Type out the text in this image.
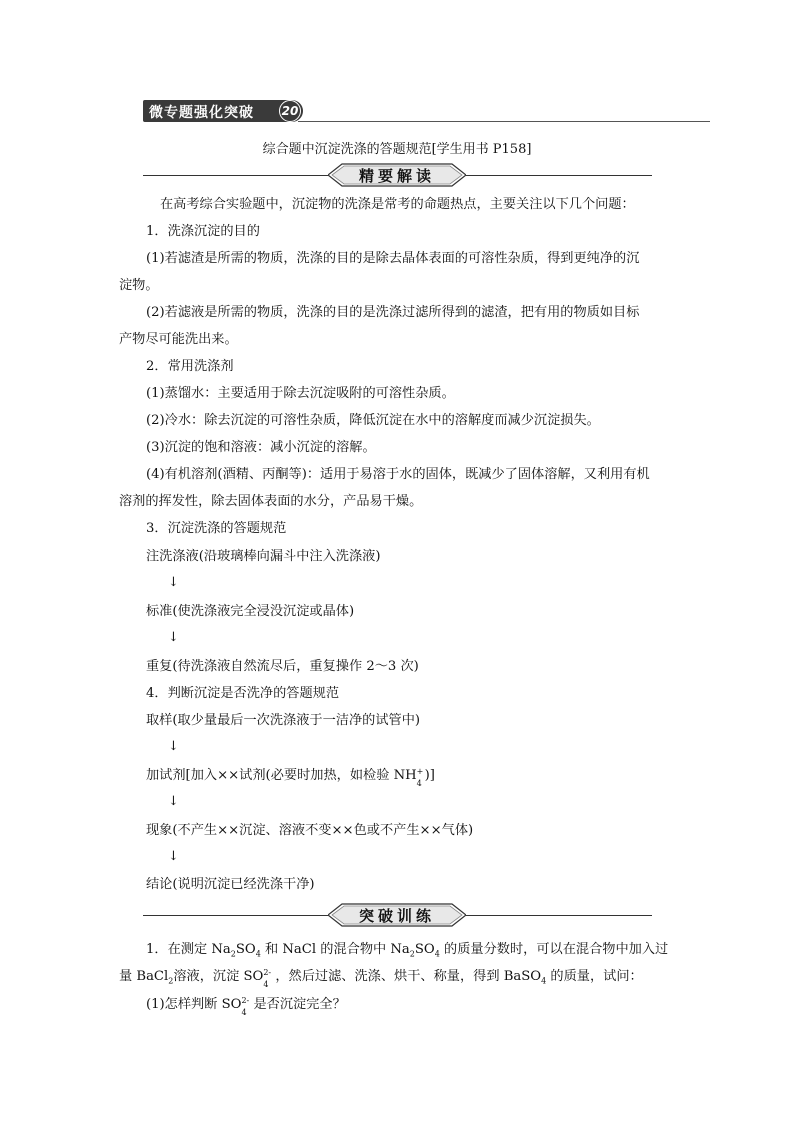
微专题强化突破 20
综合题中沉淀洗涤的答题规范[学生用书 P158]
精要解读
在高考综合实验题中，沉淀物的洗涤是常考的命题热点，主要关注以下几个问题：
1．洗涤沉淀的目的
(1)若滤渣是所需的物质，洗涤的目的是除去晶体表面的可溶性杂质，得到更纯净的沉
淀物。
(2)若滤液是所需的物质，洗涤的目的是洗涤过滤所得到的滤渣，把有用的物质如目标
产物尽可能洗出来。
2．常用洗涤剂
(1)蒸馏水：主要适用于除去沉淀吸附的可溶性杂质。
(2)冷水：除去沉淀的可溶性杂质，降低沉淀在水中的溶解度而减少沉淀损失。
(3)沉淀的饱和溶液：减小沉淀的溶解。
(4)有机溶剂(酒精、丙酮等)：适用于易溶于水的固体，既减少了固体溶解，又利用有机
溶剂的挥发性，除去固体表面的水分，产品易干燥。
3．沉淀洗涤的答题规范
注洗涤液(沿玻璃棒向漏斗中注入洗涤液)
↓
标准(使洗涤液完全浸没沉淀或晶体)
↓
重复(待洗涤液自然流尽后，重复操作 2～3 次)
4．判断沉淀是否洗净的答题规范
取样(取少量最后一次洗涤液于一洁净的试管中)
↓
加试剂[加入××试剂(必要时加热，如检验 NH +
4
)]
↓
现象(不产生××沉淀、溶液不变××色或不产生××气体)
↓
结论(说明沉淀已经洗涤干净)
突破训练
1．在测定 $Na_2SO_4$ 和 NaCl 的混合物中 $Na_2SO_4$ 的质量分数时，可以在混合物中加入过
量 BaCl$_2$溶液，沉淀 SO 2-
4
，然后过滤、洗涤、烘干、称量，得到 BaSO$_4$ 的质量，试问：
(1)怎样判断 SO 2-
4
是否沉淀完全？
